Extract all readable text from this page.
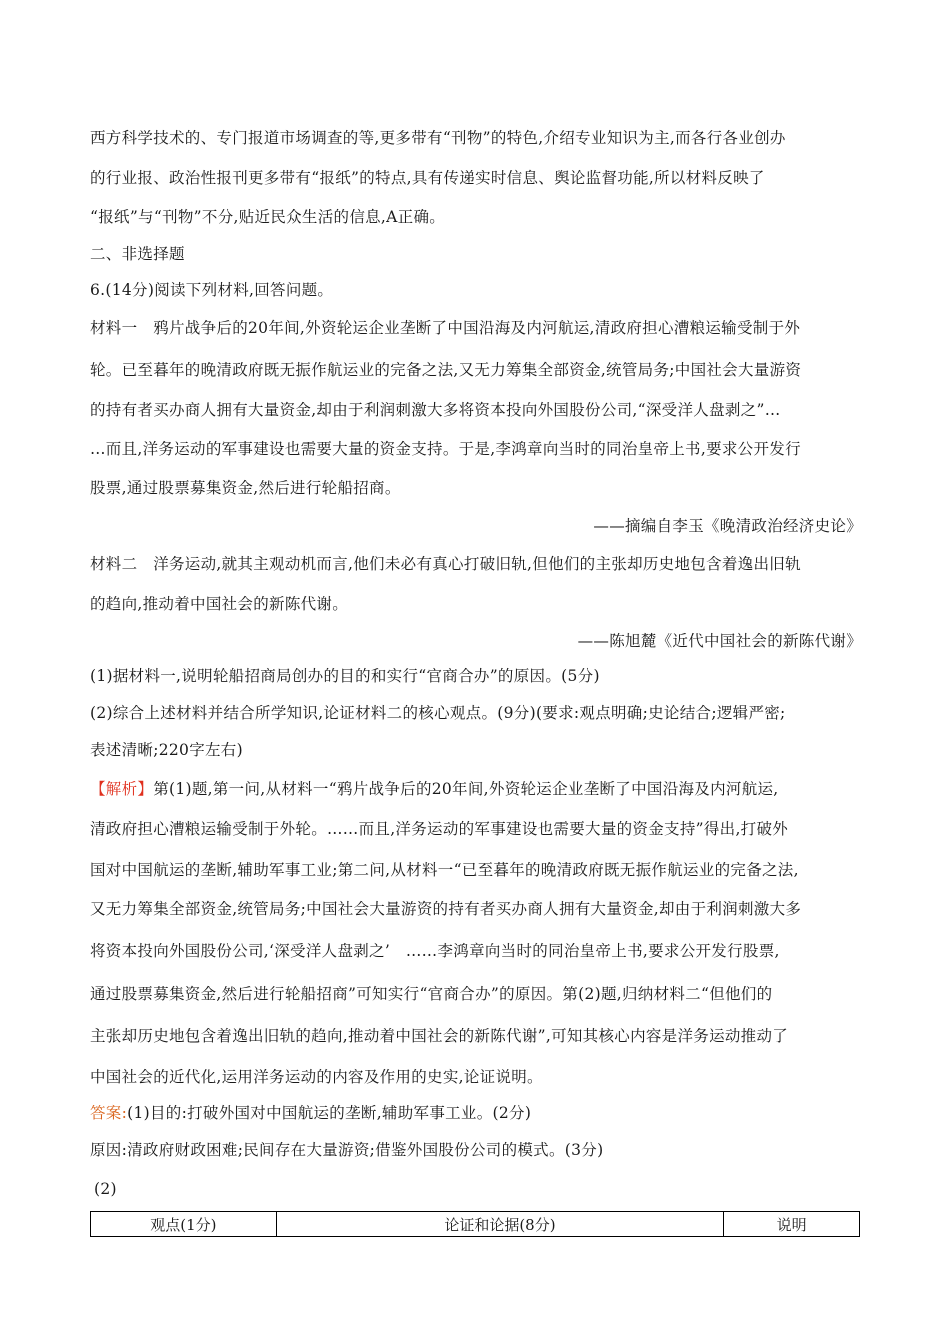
西方科学技术的、专门报道市场调查的等,更多带有“刊物”的特色,介绍专业知识为主,而各行各业创办
的行业报、政治性报刊更多带有“报纸”的特点,具有传递实时信息、舆论监督功能,所以材料反映了
“报纸”与“刊物”不分,贴近民众生活的信息,A正确。
二、非选择题
6.(14分)阅读下列材料,回答问题。
材料一　鸦片战争后的20年间,外资轮运企业垄断了中国沿海及内河航运,清政府担心漕粮运输受制于外
轮。已至暮年的晚清政府既无振作航运业的完备之法,又无力筹集全部资金,统管局务;中国社会大量游资
的持有者买办商人拥有大量资金,却由于利润刺激大多将资本投向外国股份公司,“深受洋人盘剥之”…
…而且,洋务运动的军事建设也需要大量的资金支持。于是,李鸿章向当时的同治皇帝上书,要求公开发行
股票,通过股票募集资金,然后进行轮船招商。
——摘编自李玉《晚清政治经济史论》
材料二　洋务运动,就其主观动机而言,他们未必有真心打破旧轨,但他们的主张却历史地包含着逸出旧轨
的趋向,推动着中国社会的新陈代谢。
——陈旭麓《近代中国社会的新陈代谢》
(1)据材料一,说明轮船招商局创办的目的和实行“官商合办”的原因。(5分)
(2)综合上述材料并结合所学知识,论证材料二的核心观点。(9分)(要求:观点明确;史论结合;逻辑严密;
表述清晰;220字左右)
【解析】第(1)题,第一问,从材料一“鸦片战争后的20年间,外资轮运企业垄断了中国沿海及内河航运,
清政府担心漕粮运输受制于外轮。……而且,洋务运动的军事建设也需要大量的资金支持”得出,打破外
国对中国航运的垄断,辅助军事工业;第二问,从材料一“已至暮年的晚清政府既无振作航运业的完备之法,
又无力筹集全部资金,统管局务;中国社会大量游资的持有者买办商人拥有大量资金,却由于利润刺激大多
将资本投向外国股份公司,‘深受洋人盘剥之’　……李鸿章向当时的同治皇帝上书,要求公开发行股票,
通过股票募集资金,然后进行轮船招商”可知实行“官商合办”的原因。第(2)题,归纳材料二“但他们的
主张却历史地包含着逸出旧轨的趋向,推动着中国社会的新陈代谢”,可知其核心内容是洋务运动推动了
中国社会的近代化,运用洋务运动的内容及作用的史实,论证说明。
答案:(1)目的:打破外国对中国航运的垄断,辅助军事工业。(2分)
原因:清政府财政困难;民间存在大量游资;借鉴外国股份公司的模式。(3分)
(2)
观点(1分)	论证和论据(8分)	说明
